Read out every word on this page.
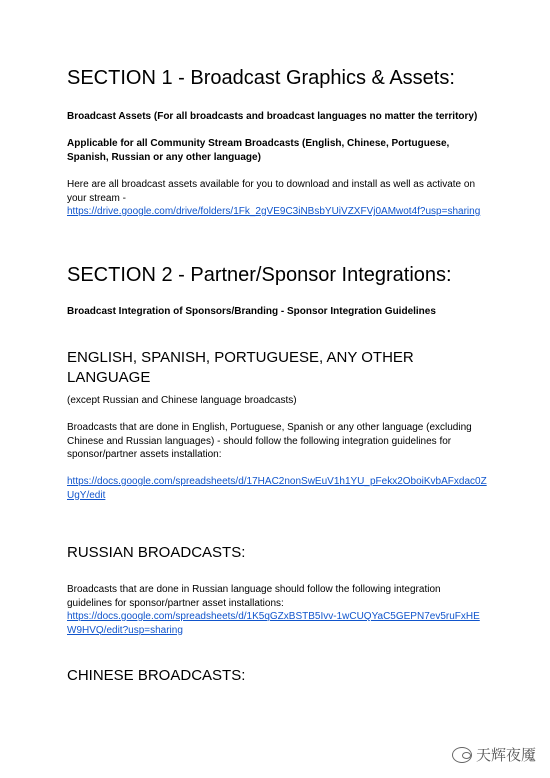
SECTION 1 - Broadcast Graphics & Assets:
Broadcast Assets (For all broadcasts and broadcast languages no matter the territory)
Applicable for all Community Stream Broadcasts (English, Chinese, Portuguese, Spanish, Russian or any other language)
Here are all broadcast assets available for you to download and install as well as activate on your stream -
https://drive.google.com/drive/folders/1Fk_2gVE9C3iNBsbYUiVZXFVj0AMwot4f?usp=sharing
SECTION 2 - Partner/Sponsor Integrations:
Broadcast Integration of Sponsors/Branding - Sponsor Integration Guidelines
ENGLISH, SPANISH, PORTUGUESE, ANY OTHER LANGUAGE
(except Russian and Chinese language broadcasts)
Broadcasts that are done in English, Portuguese, Spanish or any other language (excluding Chinese and Russian languages) - should follow the following integration guidelines for sponsor/partner assets installation:
https://docs.google.com/spreadsheets/d/17HAC2nonSwEuV1h1YU_pFekx2OboiKvbAFxdac0ZUgY/edit
RUSSIAN BROADCASTS:
Broadcasts that are done in Russian language should follow the following integration guidelines for sponsor/partner asset installations:
https://docs.google.com/spreadsheets/d/1K5qGZxBSTB5Ivv-1wCUQYaC5GEPN7ev5ruFxHEW9HVQ/edit?usp=sharing
CHINESE BROADCASTS:
天辉夜魇
